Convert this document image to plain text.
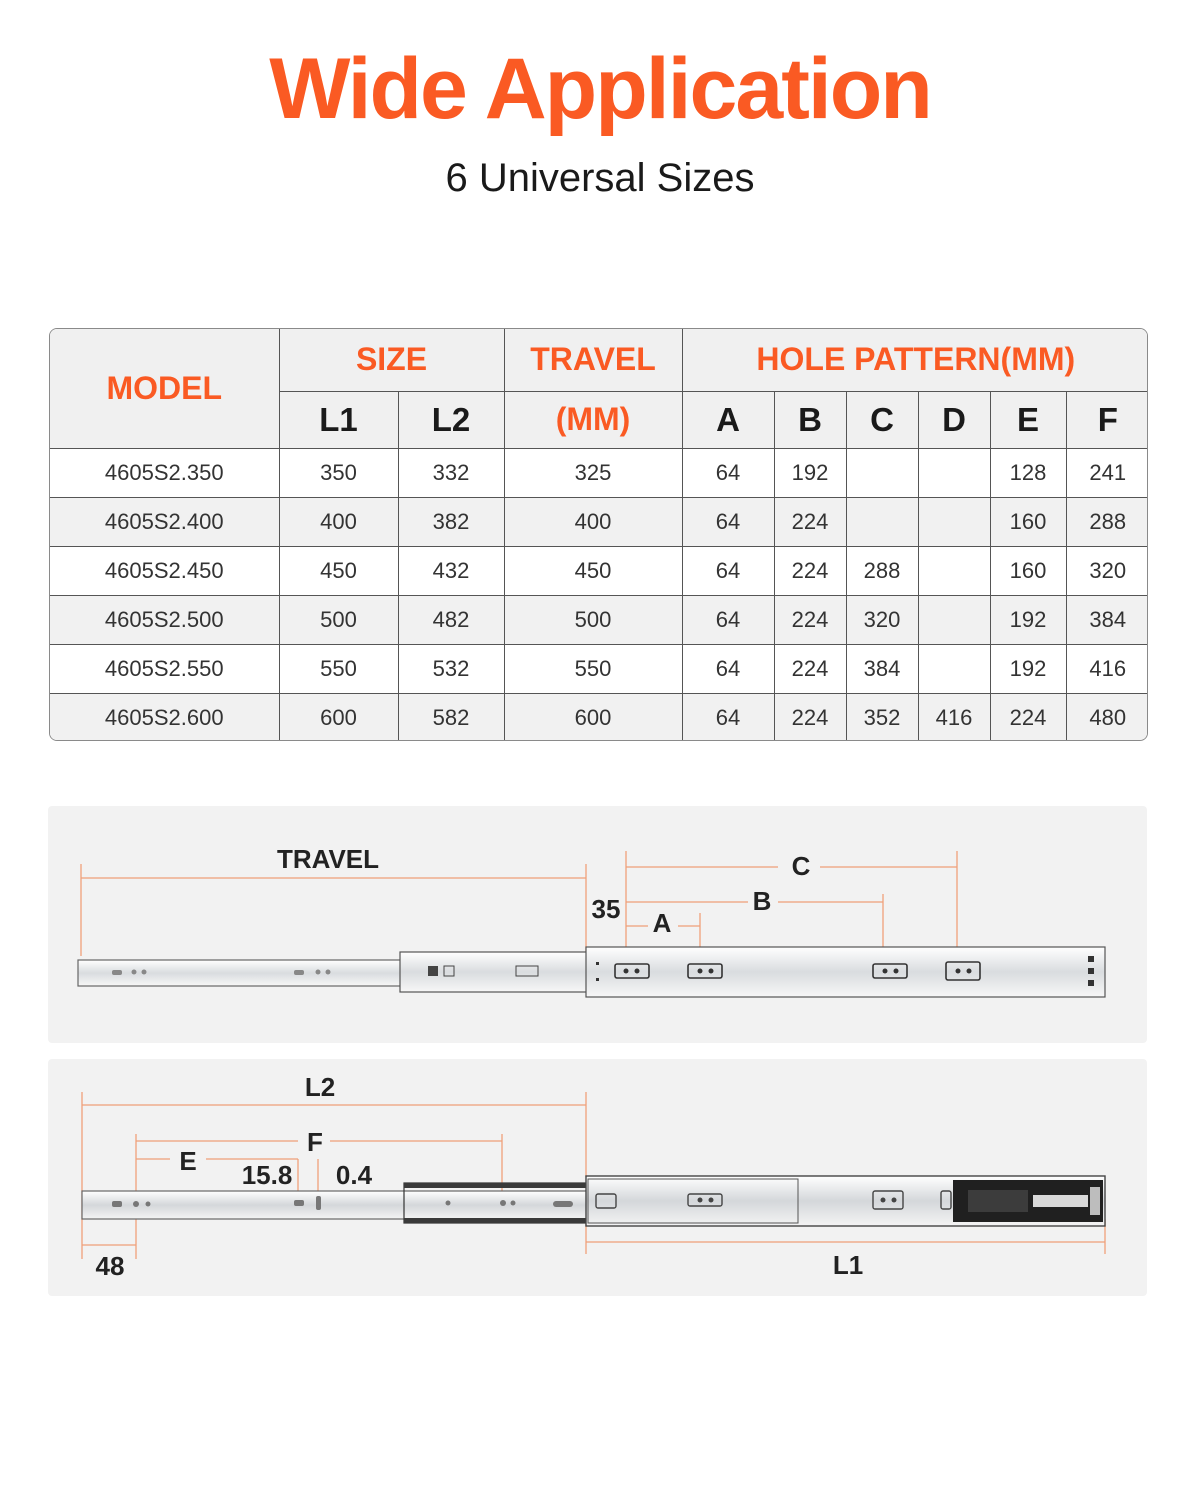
Wide Application
6 Universal Sizes
MODEL	SIZE		TRAVEL	HOLE PATTERN(MM)					
	L1	L2	(MM)	A	B	C	D	E	F
4605S2.350	350	332	325	64	192			128	241
4605S2.400	400	382	400	64	224			160	288
4605S2.450	450	432	450	64	224	288		160	320
4605S2.500	500	482	500	64	224	320		192	384
4605S2.550	550	532	550	64	224	384		192	416
4605S2.600	600	582	600	64	224	352	416	224	480
TRAVEL
35 A
B
C
L2
F
E 15.8 0.4
48	L1
